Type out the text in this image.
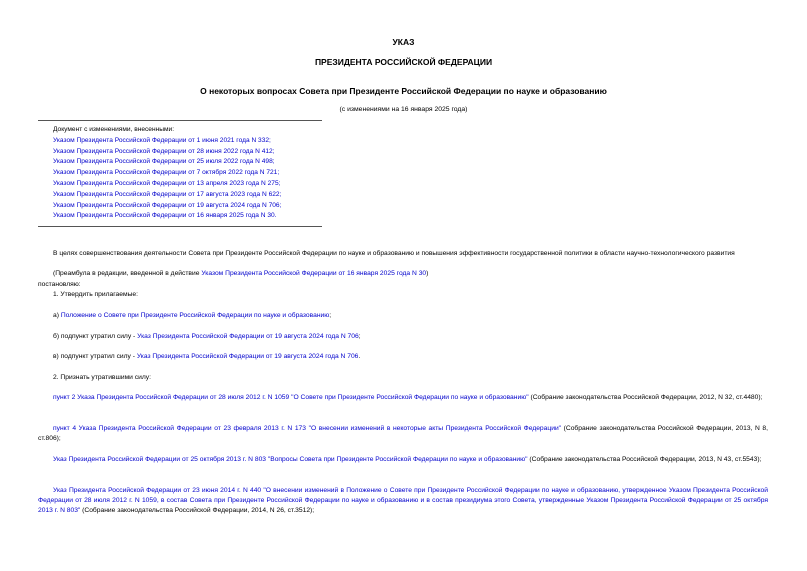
УКАЗ
ПРЕЗИДЕНТА РОССИЙСКОЙ ФЕДЕРАЦИИ
О некоторых вопросах Совета при Президенте Российской Федерации по науке и образованию
(с изменениями на 16 января 2025 года)
Документ с изменениями, внесенными:
Указом Президента Российской Федерации от 1 июня 2021 года N 332;
Указом Президента Российской Федерации от 28 июня 2022 года N 412;
Указом Президента Российской Федерации от 25 июля 2022 года N 498;
Указом Президента Российской Федерации от 7 октября 2022 года N 721;
Указом Президента Российской Федерации от 13 апреля 2023 года N 275;
Указом Президента Российской Федерации от 17 августа 2023 года N 622;
Указом Президента Российской Федерации от 19 августа 2024 года N 706;
Указом Президента Российской Федерации от 16 января 2025 года N 30.
В целях совершенствования деятельности Совета при Президенте Российской Федерации по науке и образованию и повышения эффективности государственной политики в области научно-технологического развития
(Преамбула в редакции, введенной в действие Указом Президента Российской Федерации от 16 января 2025 года N 30)
постановляю:
1. Утвердить прилагаемые:
а) Положение о Совете при Президенте Российской Федерации по науке и образованию;
б) подпункт утратил силу - Указ Президента Российской Федерации от 19 августа 2024 года N 706;
в) подпункт утратил силу - Указ Президента Российской Федерации от 19 августа 2024 года N 706.
2. Признать утратившими силу:
пункт 2 Указа Президента Российской Федерации от 28 июля 2012 г. N 1059 "О Совете при Президенте Российской Федерации по науке и образованию" (Собрание законодательства Российской Федерации, 2012, N 32, ст.4480);
пункт 4 Указа Президента Российской Федерации от 23 февраля 2013 г. N 173 "О внесении изменений в некоторые акты Президента Российской Федерации" (Собрание законодательства Российской Федерации, 2013, N 8, ст.806);
Указ Президента Российской Федерации от 25 октября 2013 г. N 803 "Вопросы Совета при Президенте Российской Федерации по науке и образованию" (Собрание законодательства Российской Федерации, 2013, N 43, ст.5543);
Указ Президента Российской Федерации от 23 июня 2014 г. N 440 "О внесении изменений в Положение о Совете при Президенте Российской Федерации по науке и образованию, утвержденное Указом Президента Российской Федерации от 28 июля 2012 г. N 1059, в состав Совета при Президенте Российской Федерации по науке и образованию и в состав президиума этого Совета, утвержденные Указом Президента Российской Федерации от 25 октября 2013 г. N 803" (Собрание законодательства Российской Федерации, 2014, N 26, ст.3512);
